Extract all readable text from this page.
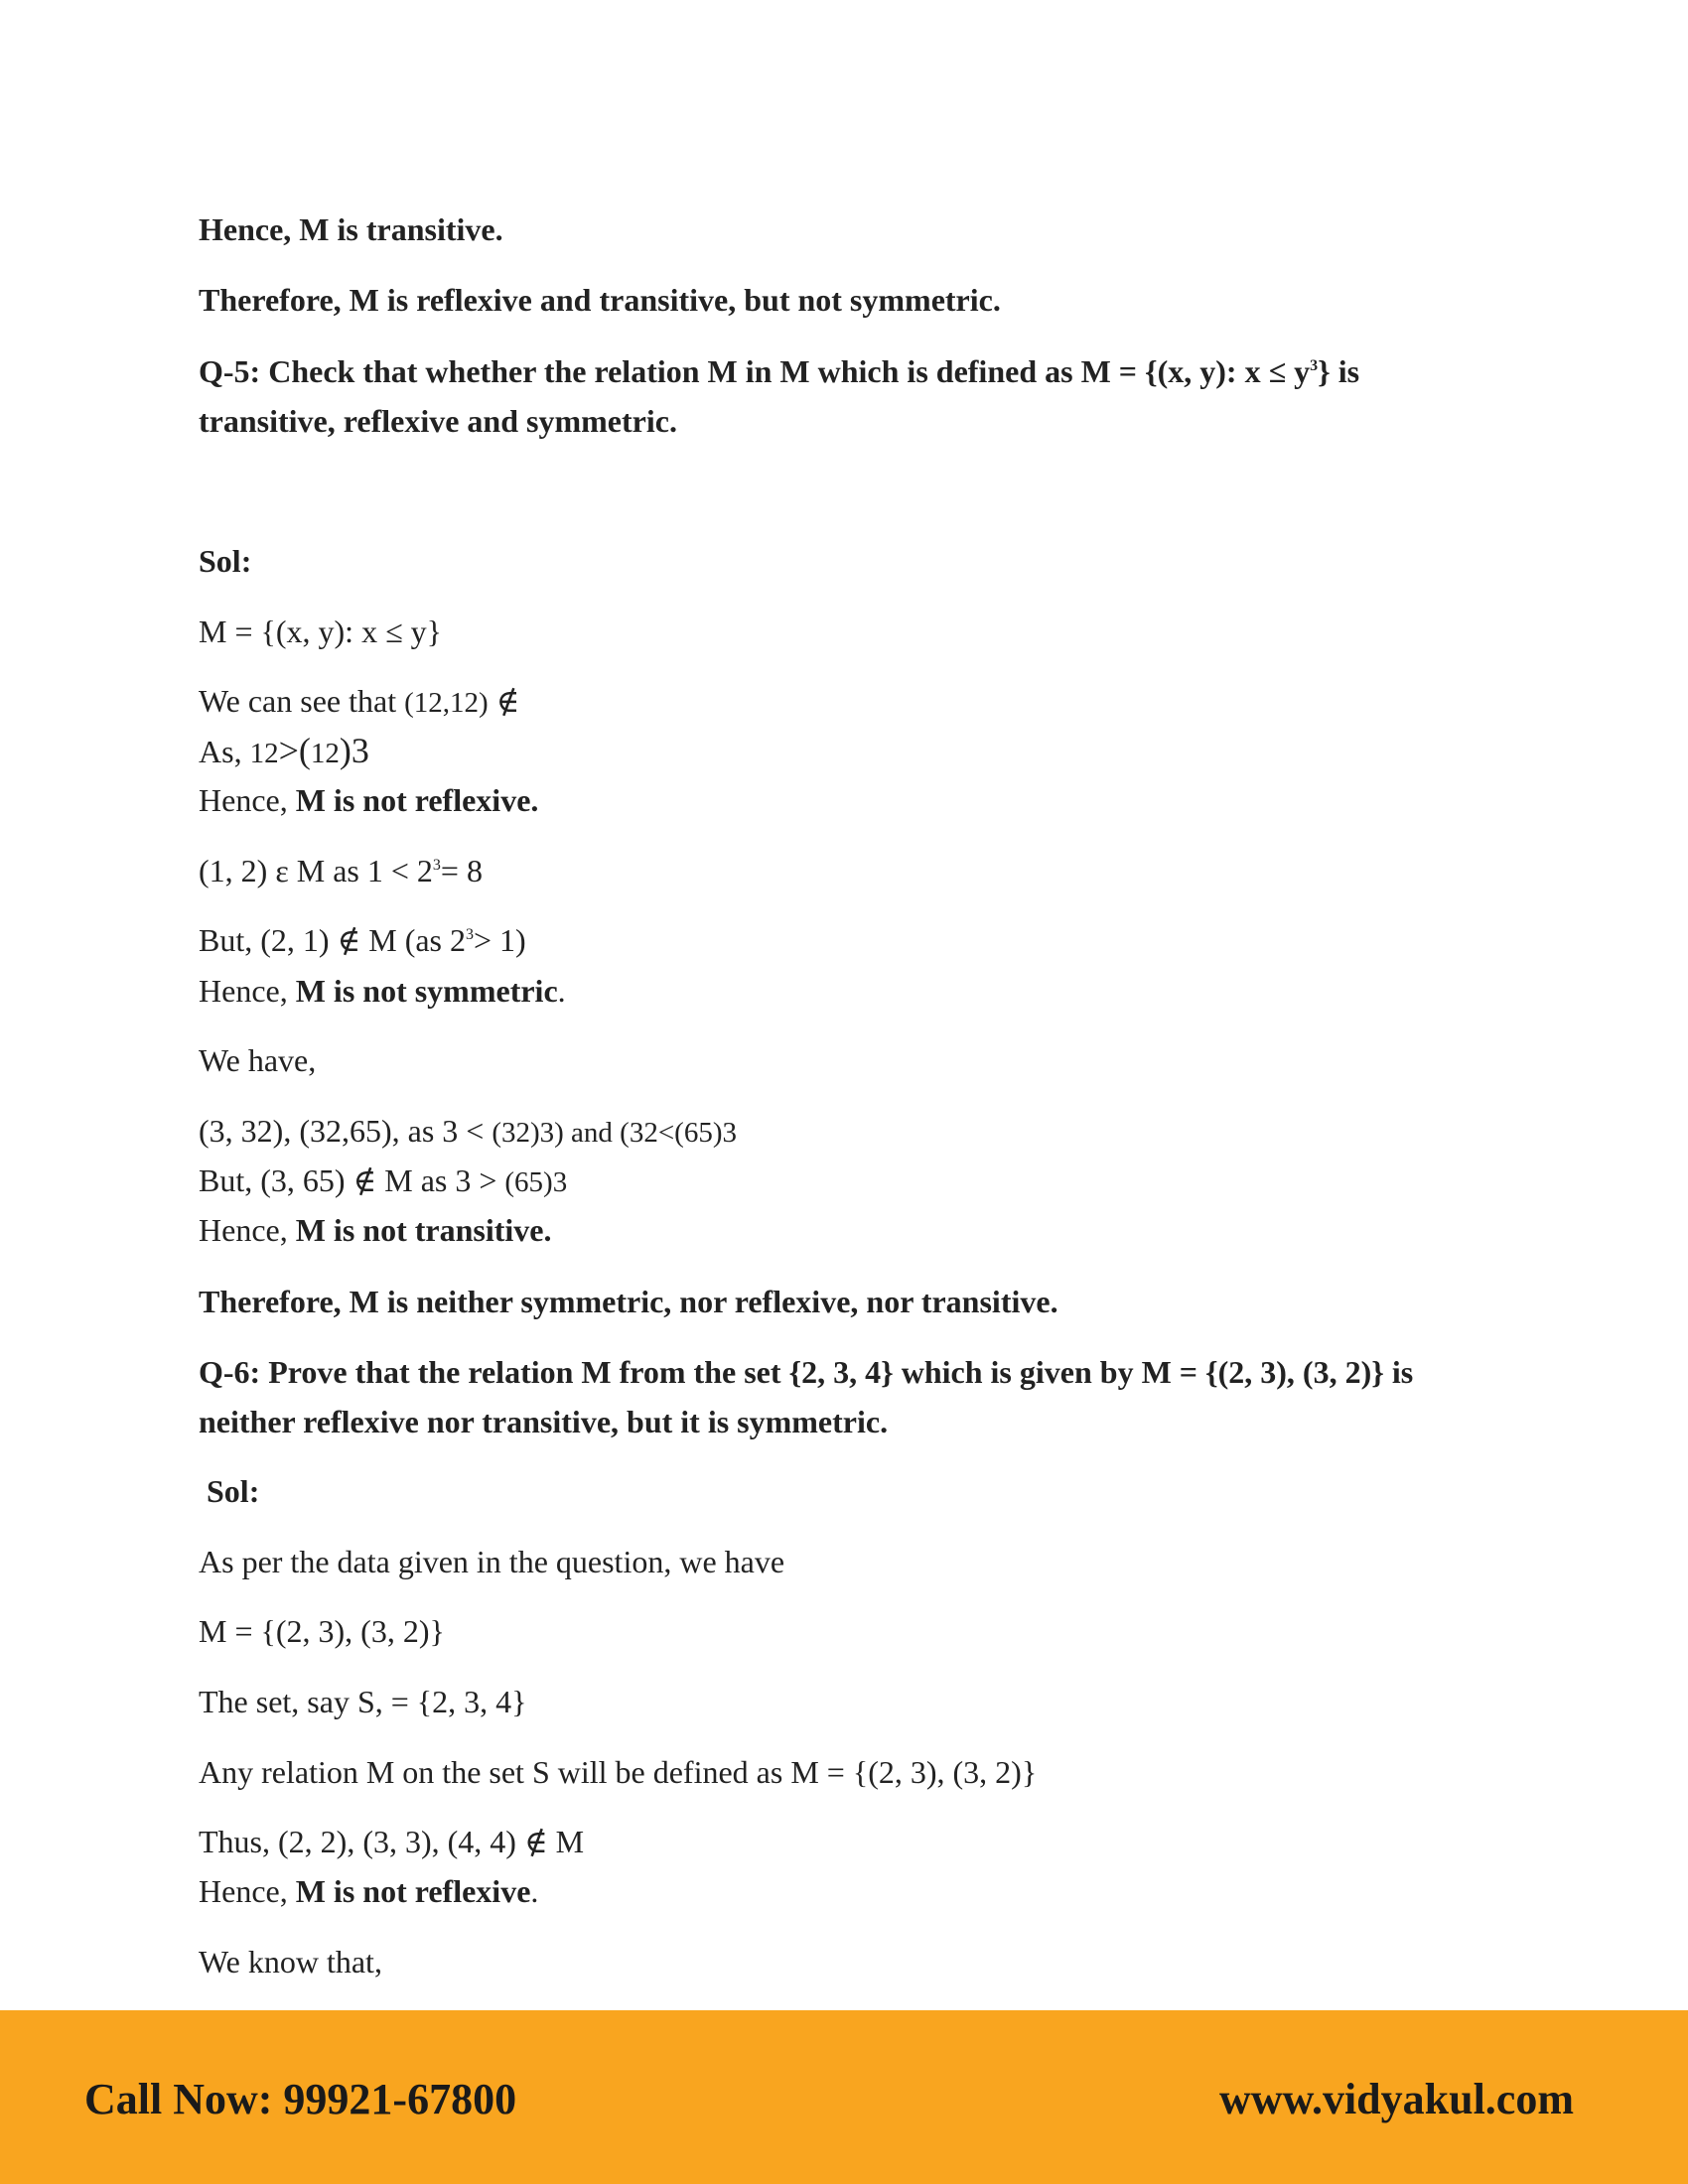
Hence, M is transitive.

Therefore, M is reflexive and transitive, but not symmetric.

Q-5: Check that whether the relation M in M which is defined as M = {(x, y): $x \le y^3$} is

transitive, reflexive and symmetric.

Sol:

M = {(x, y): x ≤ y}

We can see that (12,12) ∉

As, 12>(12)3

Hence, M is not reflexive.

(1, 2) ε M as $1 < 2^3= 8$

But, (2, 1) ∉ M (as $2^3> 1$)

Hence, M is not symmetric.

We have,

(3, 32), (32,65), as 3 < (32)3) and (32<(65)3

But, (3, 65) ∉ M as 3 > (65)3

Hence, M is not transitive.

Therefore, M is neither symmetric, nor reflexive, nor transitive.

Q-6: Prove that the relation M from the set {2, 3, 4} which is given by M = {(2, 3), (3, 2)} is

neither reflexive nor transitive, but it is symmetric.

Sol:

As per the data given in the question, we have

M = {(2, 3), (3, 2)}

The set, say S, = {2, 3, 4}

Any relation M on the set S will be defined as M = {(2, 3), (3, 2)}

Thus, (2, 2), (3, 3), (4, 4) ∉ M

Hence, M is not reflexive.

We know that,

Call Now: 99921-67800	www.vidyakul.com
